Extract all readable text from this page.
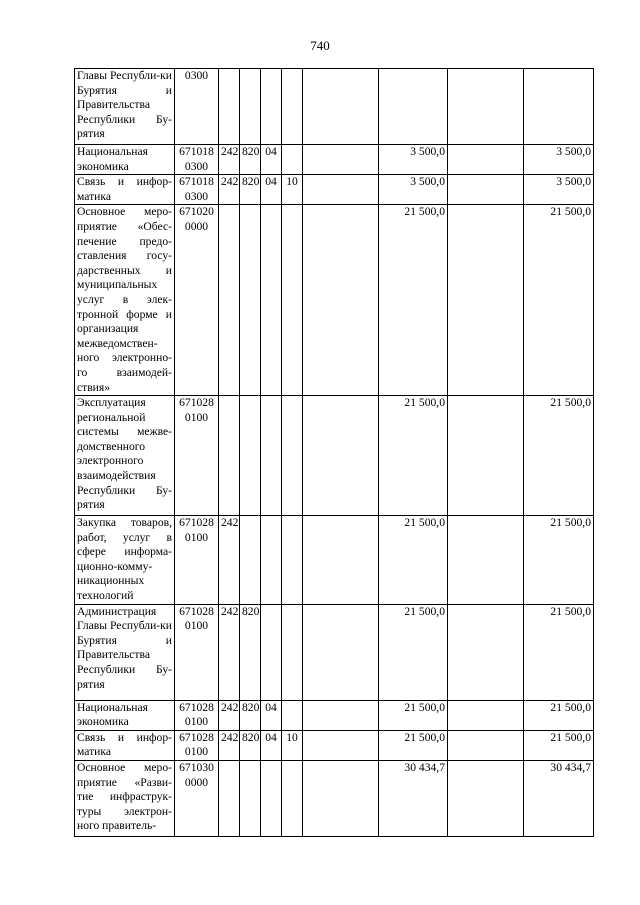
740
Главы Республи-ки Бурятия и Правительства Республики Бу-рятия	0300								
Национальная экономика	671018 0300	242	820	04			3 500,0		3 500,0
Связь и инфор-матика	671018 0300	242	820	04	10		3 500,0		3 500,0
Основное меро-приятие «Обес-печение предо-ставления госу-дарственных и муниципальных услуг в элек-тронной форме и организация межведомствен-ного электронно-го взаимодей-ствия»	671020 0000						21 500,0		21 500,0
Эксплуатация региональной системы межве-домственного электронного взаимодействия Республики Бу-рятия	671028 0100						21 500,0		21 500,0
Закупка товаров, работ, услуг в сфере информа-ционно-комму-никационных технологий	671028 0100	242					21 500,0		21 500,0
Администрация Главы Республи-ки Бурятия и Правительства Республики Бу-рятия	671028 0100	242	820				21 500,0		21 500,0
Национальная экономика	671028 0100	242	820	04			21 500,0		21 500,0
Связь и инфор-матика	671028 0100	242	820	04	10		21 500,0		21 500,0
Основное меро-приятие «Разви-тие инфраструк-туры электрон-ного правитель-	671030 0000						30 434,7		30 434,7
